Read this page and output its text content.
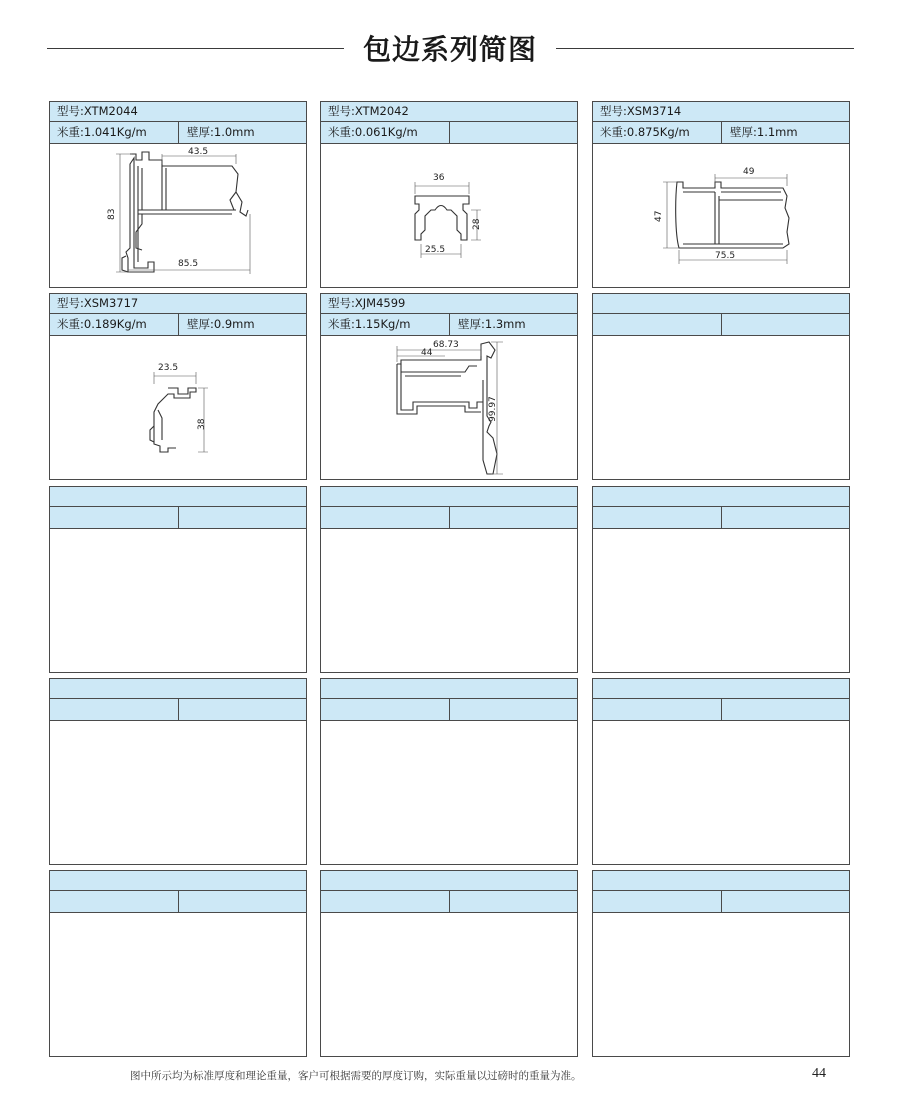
包边系列简图
型号:XTM2044
米重:1.041Kg/m	壁厚:1.0mm
43.5
83
85.5
型号:XTM2042
米重:0.061Kg/m
36
28
25.5
型号:XSM3714
米重:0.875Kg/m	壁厚:1.1mm
49
47
75.5
型号:XSM3717
米重:0.189Kg/m	壁厚:0.9mm
23.5
38
型号:XJM4599
米重:1.15Kg/m	壁厚:1.3mm
68.73
44
99.97
图中所示均为标准厚度和理论重量，客户可根据需要的厚度订购，实际重量以过磅时的重量为准。	44
